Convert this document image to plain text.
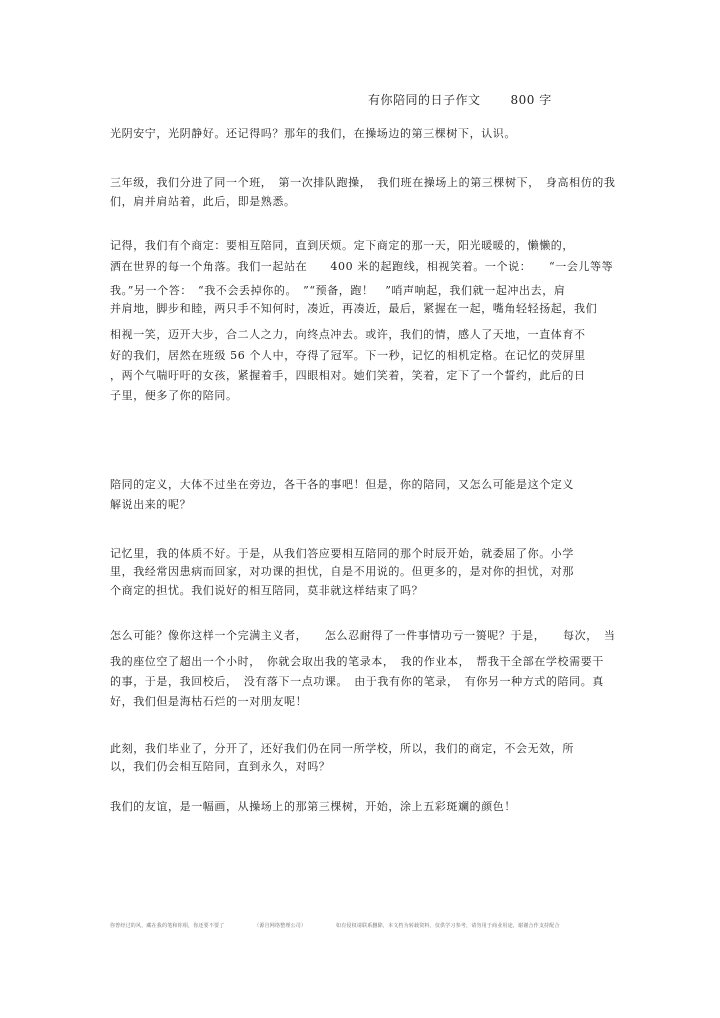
有你陪同的日子作文	800 字
光阴安宁，光阴静好。还记得吗？那年的我们，在操场边的第三棵树下，认识。
三年级，我们分进了同一个班，　第一次排队跑操，　我们班在操场上的第三棵树下，　身高相仿的我
们，肩并肩站着，此后，即是熟悉。
记得，我们有个商定：要相互陪同，直到厌烦。定下商定的那一天，阳光暖暖的，懒懒的，
洒在世界的每一个角落。我们一起站在　　400 米的起跑线，相视笑着。一个说：　　“一会儿等等
我。”另一个答：　“我不会丢掉你的。　”“预备，跑！　”哨声响起，我们就一起冲出去，肩
并肩地，脚步和睦，两只手不知何时，凑近，再凑近，最后，紧握在一起，嘴角轻轻扬起，我们
相视一笑，迈开大步，合二人之力，向终点冲去。或许，我们的情，感人了天地，一直体育不
好的我们，居然在班级 56 个人中，夺得了冠军。下一秒，记忆的相机定格。在记忆的荧屏里
，两个气喘吁吁的女孩，紧握着手，四眼相对。她们笑着，笑着，定下了一个誓约，此后的日
子里，便多了你的陪同。
陪同的定义，大体不过坐在旁边，各干各的事吧！但是，你的陪同，又怎么可能是这个定义
解说出来的呢？
记忆里，我的体质不好。于是，从我们答应要相互陪同的那个时辰开始，就委屈了你。小学
里，我经常因患病而回家，对功课的担忧，自是不用说的。但更多的，是对你的担忧，对那
个商定的担忧。我们说好的相互陪同，莫非就这样结束了吗？
怎么可能？像你这样一个完满主义者，　　怎么忍耐得了一件事情功亏一篑呢？于是，　　每次，　当
我的座位空了超出一个小时，　你就会取出我的笔录本，　我的作业本，　帮我干全部在学校需要干
的事，于是，我回校后，　没有落下一点功课。　由于我有你的笔录，　有你另一种方式的陪同。真
好，我们但是海枯石烂的一对朋友呢！
此刻，我们毕业了，分开了，还好我们仍在同一所学校，所以，我们的商定，不会无效，所
以，我们仍会相互陪同，直到永久，对吗？
我们的友谊，是一幅画，从操场上的那第三棵树，开始，涂上五彩斑斓的颜色！
你曾经过的风，藏在我的笔和你相，你还要不要了	（源自网络整理公司）	如有侵权请联系删除，本文档为转载资料，仅供学习参考，请勿用于商业用途，谢谢合作支持配合
